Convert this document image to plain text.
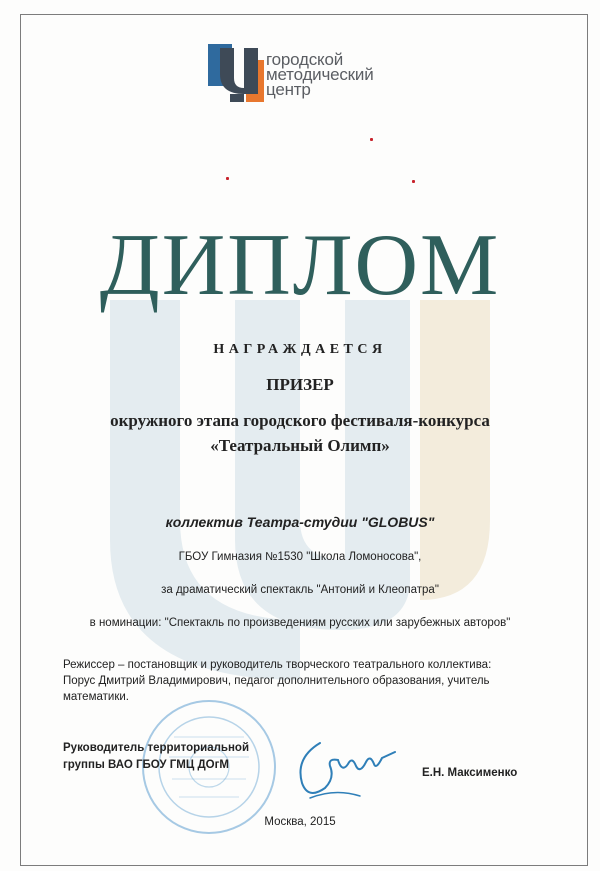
городской
методический
центр
ДИПЛОМ
НАГРАЖДАЕТСЯ
ПРИЗЕР
окружного этапа городского фестиваля-конкурса
«Театральный Олимп»
коллектив Театра-студии "GLOBUS"
ГБОУ Гимназия №1530 "Школа Ломоносова",
за драматический спектакль "Антоний и Клеопатра"
в номинации: "Спектакль по произведениям русских или зарубежных авторов"
Режиссер – постановщик и руководитель творческого театрального коллектива:
Порус Дмитрий Владимирович, педагог дополнительного образования, учитель
математики.
Руководитель территориальной
группы ВАО ГБОУ ГМЦ ДОгМ
Е.Н. Максименко
Москва, 2015
